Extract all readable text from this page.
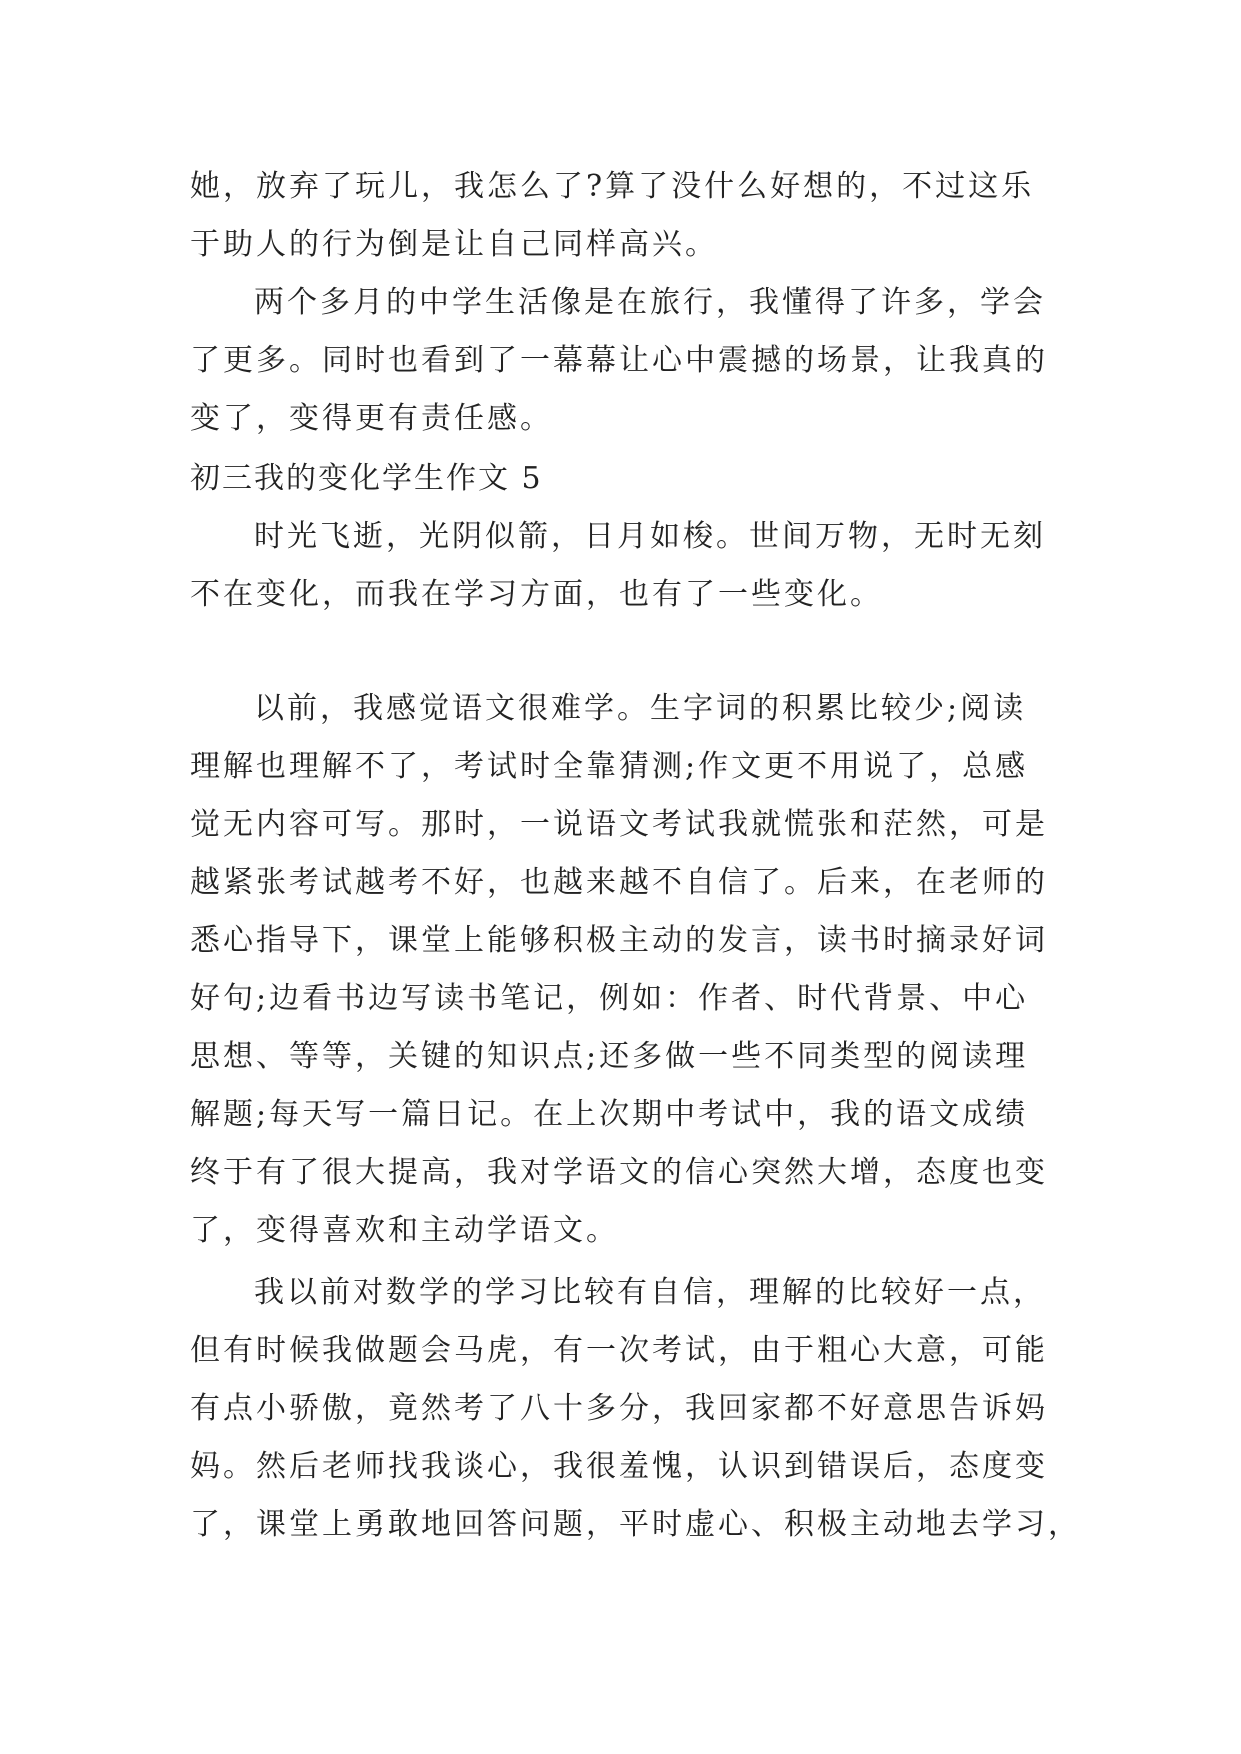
她，放弃了玩儿，我怎么了?算了没什么好想的，不过这乐
于助人的行为倒是让自己同样高兴。
两个多月的中学生活像是在旅行，我懂得了许多，学会
了更多。同时也看到了一幕幕让心中震撼的场景，让我真的
变了，变得更有责任感。
初三我的变化学生作文 5
时光飞逝，光阴似箭，日月如梭。世间万物，无时无刻
不在变化，而我在学习方面，也有了一些变化。
以前，我感觉语文很难学。生字词的积累比较少;阅读
理解也理解不了，考试时全靠猜测;作文更不用说了，总感
觉无内容可写。那时，一说语文考试我就慌张和茫然，可是
越紧张考试越考不好，也越来越不自信了。后来，在老师的
悉心指导下，课堂上能够积极主动的发言，读书时摘录好词
好句;边看书边写读书笔记，例如：作者、时代背景、中心
思想、等等，关键的知识点;还多做一些不同类型的阅读理
解题;每天写一篇日记。在上次期中考试中，我的语文成绩
终于有了很大提高，我对学语文的信心突然大增，态度也变
了，变得喜欢和主动学语文。
我以前对数学的学习比较有自信，理解的比较好一点，
但有时候我做题会马虎，有一次考试，由于粗心大意，可能
有点小骄傲，竟然考了八十多分，我回家都不好意思告诉妈
妈。然后老师找我谈心，我很羞愧，认识到错误后，态度变
了，课堂上勇敢地回答问题，平时虚心、积极主动地去学习，
